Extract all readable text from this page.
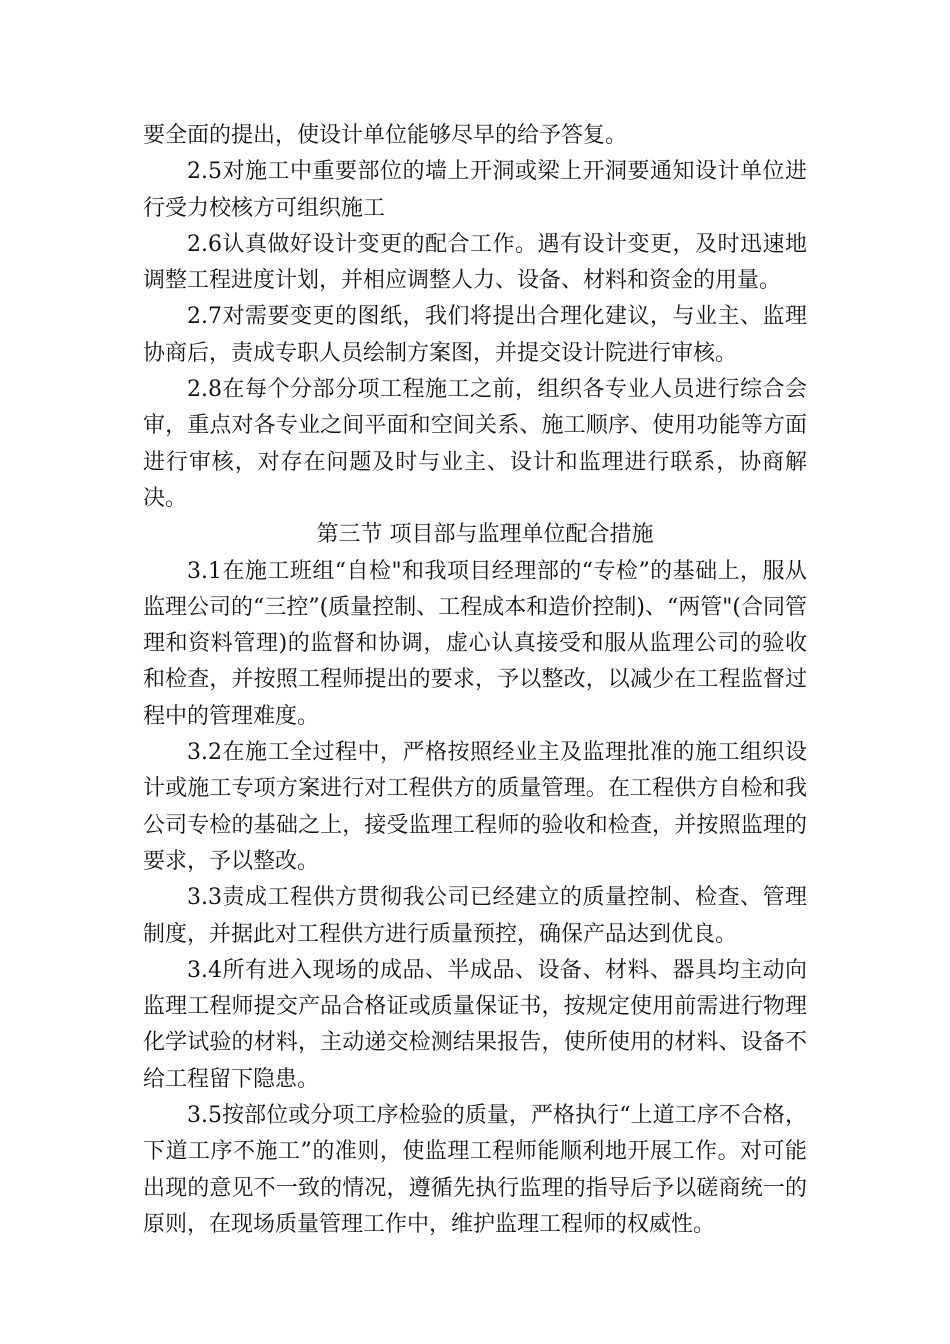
要全面的提出，使设计单位能够尽早的给予答复。

2.5对施工中重要部位的墙上开洞或梁上开洞要通知设计单位进行受力校核方可组织施工

2.6认真做好设计变更的配合工作。遇有设计变更，及时迅速地调整工程进度计划，并相应调整人力、设备、材料和资金的用量。

2.7对需要变更的图纸，我们将提出合理化建议，与业主、监理协商后，责成专职人员绘制方案图，并提交设计院进行审核。

2.8在每个分部分项工程施工之前，组织各专业人员进行综合会审，重点对各专业之间平面和空间关系、施工顺序、使用功能等方面进行审核，对存在问题及时与业主、设计和监理进行联系，协商解决。

第三节 项目部与监理单位配合措施

3.1在施工班组“自检"和我项目经理部的“专检”的基础上，服从监理公司的“三控”(质量控制、工程成本和造价控制)、“两管"(合同管理和资料管理)的监督和协调，虚心认真接受和服从监理公司的验收和检查，并按照工程师提出的要求，予以整改，以减少在工程监督过程中的管理难度。

3.2在施工全过程中，严格按照经业主及监理批准的施工组织设计或施工专项方案进行对工程供方的质量管理。在工程供方自检和我公司专检的基础之上，接受监理工程师的验收和检查，并按照监理的要求，予以整改。

3.3责成工程供方贯彻我公司已经建立的质量控制、检查、管理制度，并据此对工程供方进行质量预控，确保产品达到优良。

3.4所有进入现场的成品、半成品、设备、材料、器具均主动向监理工程师提交产品合格证或质量保证书，按规定使用前需进行物理化学试验的材料，主动递交检测结果报告，使所使用的材料、设备不给工程留下隐患。

3.5按部位或分项工序检验的质量，严格执行“上道工序不合格，下道工序不施工”的准则，使监理工程师能顺利地开展工作。对可能出现的意见不一致的情况，遵循先执行监理的指导后予以磋商统一的原则，在现场质量管理工作中，维护监理工程师的权威性。
